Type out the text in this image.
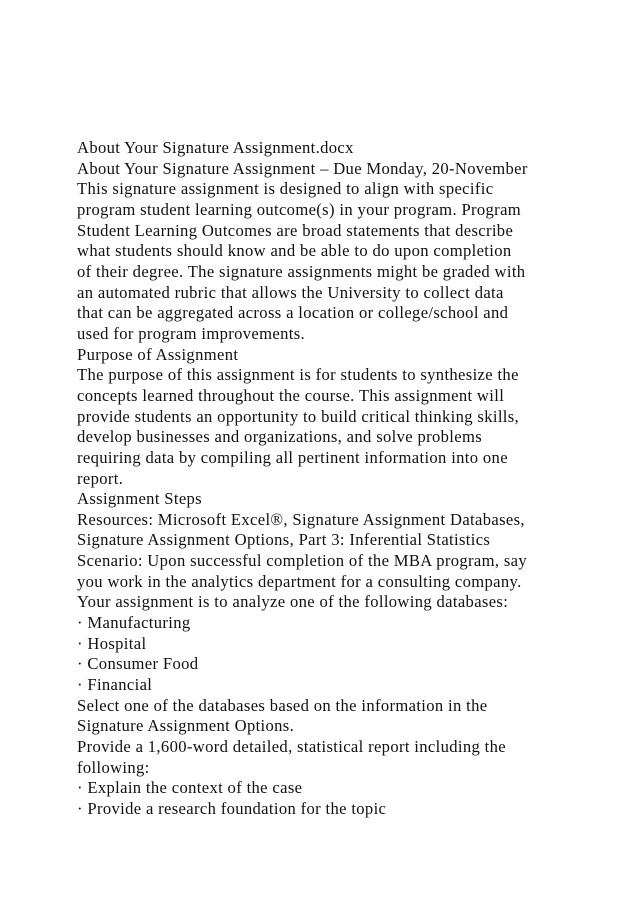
About Your Signature Assignment.docx
About Your Signature Assignment – Due Monday, 20-November
This signature assignment is designed to align with specific
program student learning outcome(s) in your program. Program
Student Learning Outcomes are broad statements that describe
what students should know and be able to do upon completion
of their degree. The signature assignments might be graded with
an automated rubric that allows the University to collect data
that can be aggregated across a location or college/school and
used for program improvements.
Purpose of Assignment
The purpose of this assignment is for students to synthesize the
concepts learned throughout the course. This assignment will
provide students an opportunity to build critical thinking skills,
develop businesses and organizations, and solve problems
requiring data by compiling all pertinent information into one
report.
Assignment Steps
Resources: Microsoft Excel®, Signature Assignment Databases,
Signature Assignment Options, Part 3: Inferential Statistics
Scenario: Upon successful completion of the MBA program, say
you work in the analytics department for a consulting company.
Your assignment is to analyze one of the following databases:
· Manufacturing
· Hospital
· Consumer Food
· Financial
Select one of the databases based on the information in the
Signature Assignment Options.
Provide a 1,600-word detailed, statistical report including the
following:
· Explain the context of the case
· Provide a research foundation for the topic
